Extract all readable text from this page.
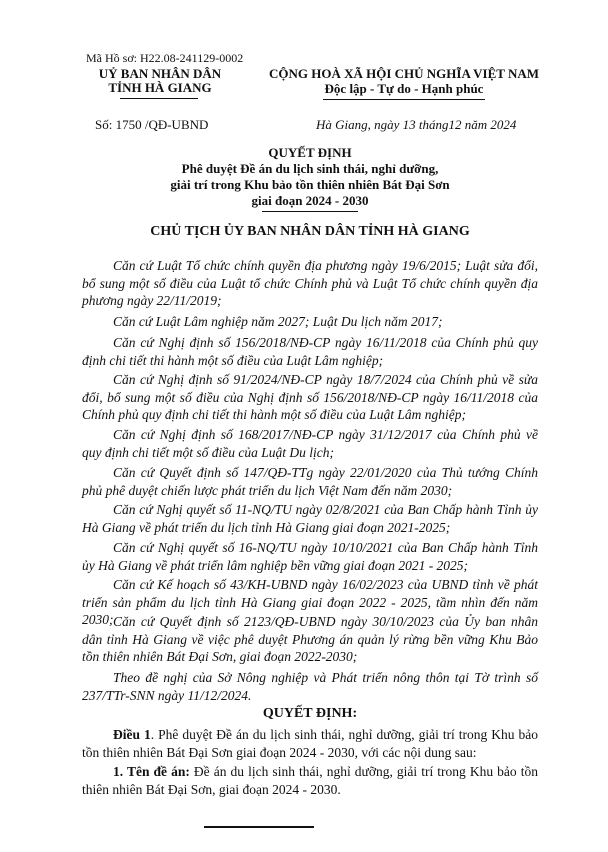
Mã Hồ sơ: H22.08-241129-0002
UỶ BAN NHÂN DÂN
TỈNH HÀ GIANG
CỘNG HOÀ XÃ HỘI CHỦ NGHĨA VIỆT NAM
Độc lập - Tự do - Hạnh phúc
Số: 1750 /QĐ-UBND	Hà Giang, ngày 13 tháng12 năm 2024
QUYẾT ĐỊNH
Phê duyệt Đề án du lịch sinh thái, nghỉ dưỡng,
giải trí trong Khu bảo tồn thiên nhiên Bát Đại Sơn
giai đoạn 2024 - 2030
CHỦ TỊCH ỦY BAN NHÂN DÂN TỈNH HÀ GIANG
Căn cứ Luật Tổ chức chính quyền địa phương ngày 19/6/2015; Luật sửa đổi, bổ sung một số điều của Luật tổ chức Chính phủ và Luật Tổ chức chính quyền địa phương ngày 22/11/2019;
Căn cứ Luật Lâm nghiệp năm 2027; Luật Du lịch năm 2017;
Căn cứ Nghị định số 156/2018/NĐ-CP ngày 16/11/2018 của Chính phủ quy định chi tiết thi hành một số điều của Luật Lâm nghiệp;
Căn cứ Nghị định số 91/2024/NĐ-CP ngày 18/7/2024 của Chính phủ về sửa đổi, bổ sung một số điều của Nghị định số 156/2018/NĐ-CP ngày 16/11/2018 của Chính phủ quy định chi tiết thi hành một số điều của Luật Lâm nghiệp;
Căn cứ Nghị định số 168/2017/NĐ-CP ngày 31/12/2017 của Chính phủ về quy định chi tiết một số điều của Luật Du lịch;
Căn cứ Quyết định số 147/QĐ-TTg ngày 22/01/2020 của Thủ tướng Chính phủ phê duyệt chiến lược phát triển du lịch Việt Nam đến năm 2030;
Căn cứ Nghị quyết số 11-NQ/TU ngày 02/8/2021 của Ban Chấp hành Tỉnh ủy Hà Giang về phát triển du lịch tỉnh Hà Giang giai đoạn 2021-2025;
Căn cứ Nghị quyết số 16-NQ/TU ngày 10/10/2021 của Ban Chấp hành Tỉnh ủy Hà Giang về phát triển lâm nghiệp bền vững giai đoạn 2021 - 2025;
Căn cứ Kế hoạch số 43/KH-UBND ngày 16/02/2023 của UBND tỉnh về phát triển sản phẩm du lịch tỉnh Hà Giang giai đoạn 2022 - 2025, tầm nhìn đến năm 2030; Căn cứ Quyết định số 2123/QĐ-UBND ngày 30/10/2023 của Ủy ban nhân dân tỉnh Hà Giang về việc phê duyệt Phương án quản lý rừng bền vững Khu Bảo tồn thiên nhiên Bát Đại Sơn, giai đoạn 2022-2030;
Theo đề nghị của Sở Nông nghiệp và Phát triển nông thôn tại Tờ trình số 237/TTr-SNN ngày 11/12/2024.
QUYẾT ĐỊNH:
Điều 1. Phê duyệt Đề án du lịch sinh thái, nghỉ dưỡng, giải trí trong Khu bảo tồn thiên nhiên Bát Đại Sơn giai đoạn 2024 - 2030, với các nội dung sau:
1. Tên đề án: Đề án du lịch sinh thái, nghỉ dưỡng, giải trí trong Khu bảo tồn thiên nhiên Bát Đại Sơn, giai đoạn 2024 - 2030.
